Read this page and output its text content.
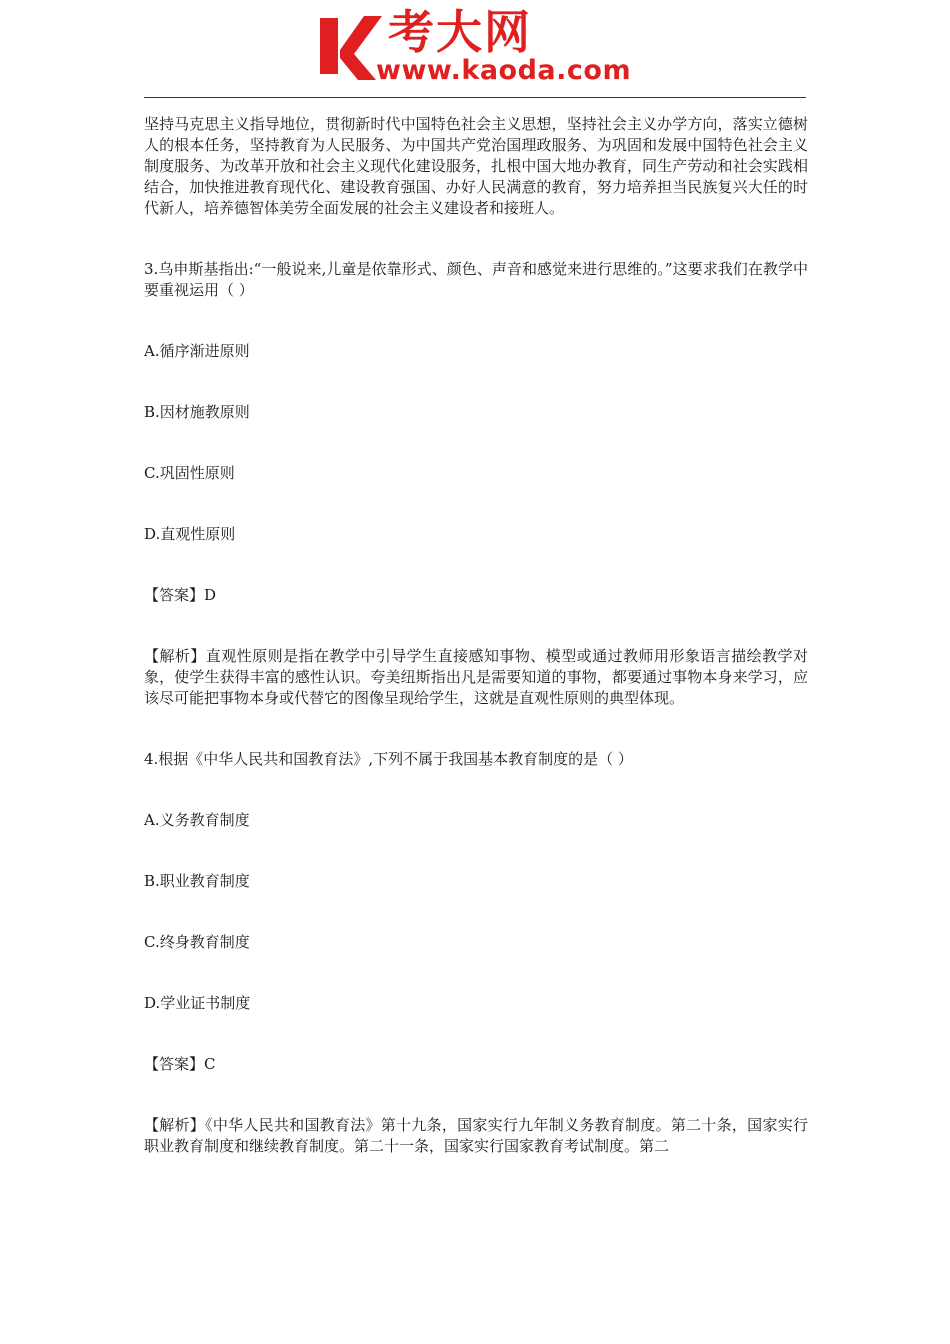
考大网
www.kaoda.com

坚持马克思主义指导地位，贯彻新时代中国特色社会主义思想，坚持社会主义办学方向，落实立德树人的根本任务，坚持教育为人民服务、为中国共产党治国理政服务、为巩固和发展中国特色社会主义制度服务、为改革开放和社会主义现代化建设服务，扎根中国大地办教育，同生产劳动和社会实践相结合，加快推进教育现代化、建设教育强国、办好人民满意的教育，努力培养担当民族复兴大任的时代新人，培养德智体美劳全面发展的社会主义建设者和接班人。

3.乌申斯基指出:“一般说来,儿童是依靠形式、颜色、声音和感觉来进行思维的。”这要求我们在教学中要重视运用（ ）

A.循序渐进原则

B.因材施教原则

C.巩固性原则

D.直观性原则

【答案】D

【解析】直观性原则是指在教学中引导学生直接感知事物、模型或通过教师用形象语言描绘教学对象，使学生获得丰富的感性认识。夸美纽斯指出凡是需要知道的事物，都要通过事物本身来学习，应该尽可能把事物本身或代替它的图像呈现给学生，这就是直观性原则的典型体现。

4.根据《中华人民共和国教育法》,下列不属于我国基本教育制度的是（ ）

A.义务教育制度

B.职业教育制度

C.终身教育制度

D.学业证书制度

【答案】C

【解析】《中华人民共和国教育法》第十九条，国家实行九年制义务教育制度。第二十条，国家实行职业教育制度和继续教育制度。第二十一条，国家实行国家教育考试制度。第二
